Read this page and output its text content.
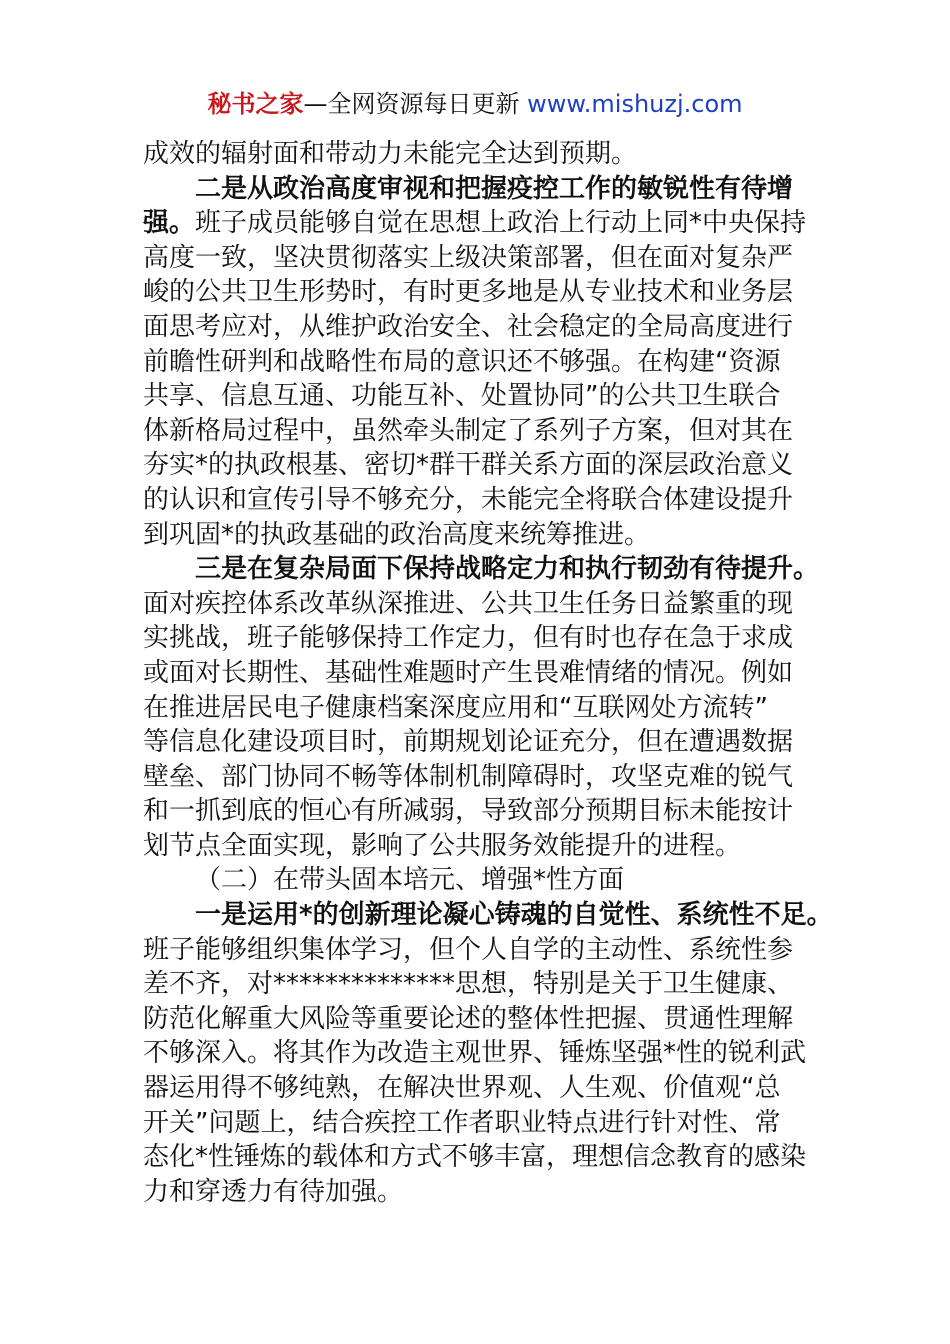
秘书之家—全网资源每日更新 www.mishuzj.com
成效的辐射面和带动力未能完全达到预期。
二是从政治高度审视和把握疫控工作的敏锐性有待增
强。班子成员能够自觉在思想上政治上行动上同*中央保持
高度一致，坚决贯彻落实上级决策部署，但在面对复杂严
峻的公共卫生形势时，有时更多地是从专业技术和业务层
面思考应对，从维护政治安全、社会稳定的全局高度进行
前瞻性研判和战略性布局的意识还不够强。在构建“资源
共享、信息互通、功能互补、处置协同”的公共卫生联合
体新格局过程中，虽然牵头制定了系列子方案，但对其在
夯实*的执政根基、密切*群干群关系方面的深层政治意义
的认识和宣传引导不够充分，未能完全将联合体建设提升
到巩固*的执政基础的政治高度来统筹推进。
三是在复杂局面下保持战略定力和执行韧劲有待提升。
面对疾控体系改革纵深推进、公共卫生任务日益繁重的现
实挑战，班子能够保持工作定力，但有时也存在急于求成
或面对长期性、基础性难题时产生畏难情绪的情况。例如
在推进居民电子健康档案深度应用和“互联网处方流转”
等信息化建设项目时，前期规划论证充分，但在遭遇数据
壁垒、部门协同不畅等体制机制障碍时，攻坚克难的锐气
和一抓到底的恒心有所减弱，导致部分预期目标未能按计
划节点全面实现，影响了公共服务效能提升的进程。
（二）在带头固本培元、增强*性方面
一是运用*的创新理论凝心铸魂的自觉性、系统性不足。
班子能够组织集体学习，但个人自学的主动性、系统性参
差不齐，对**************思想，特别是关于卫生健康、
防范化解重大风险等重要论述的整体性把握、贯通性理解
不够深入。将其作为改造主观世界、锤炼坚强*性的锐利武
器运用得不够纯熟，在解决世界观、人生观、价值观“总
开关”问题上，结合疾控工作者职业特点进行针对性、常
态化*性锤炼的载体和方式不够丰富，理想信念教育的感染
力和穿透力有待加强。
